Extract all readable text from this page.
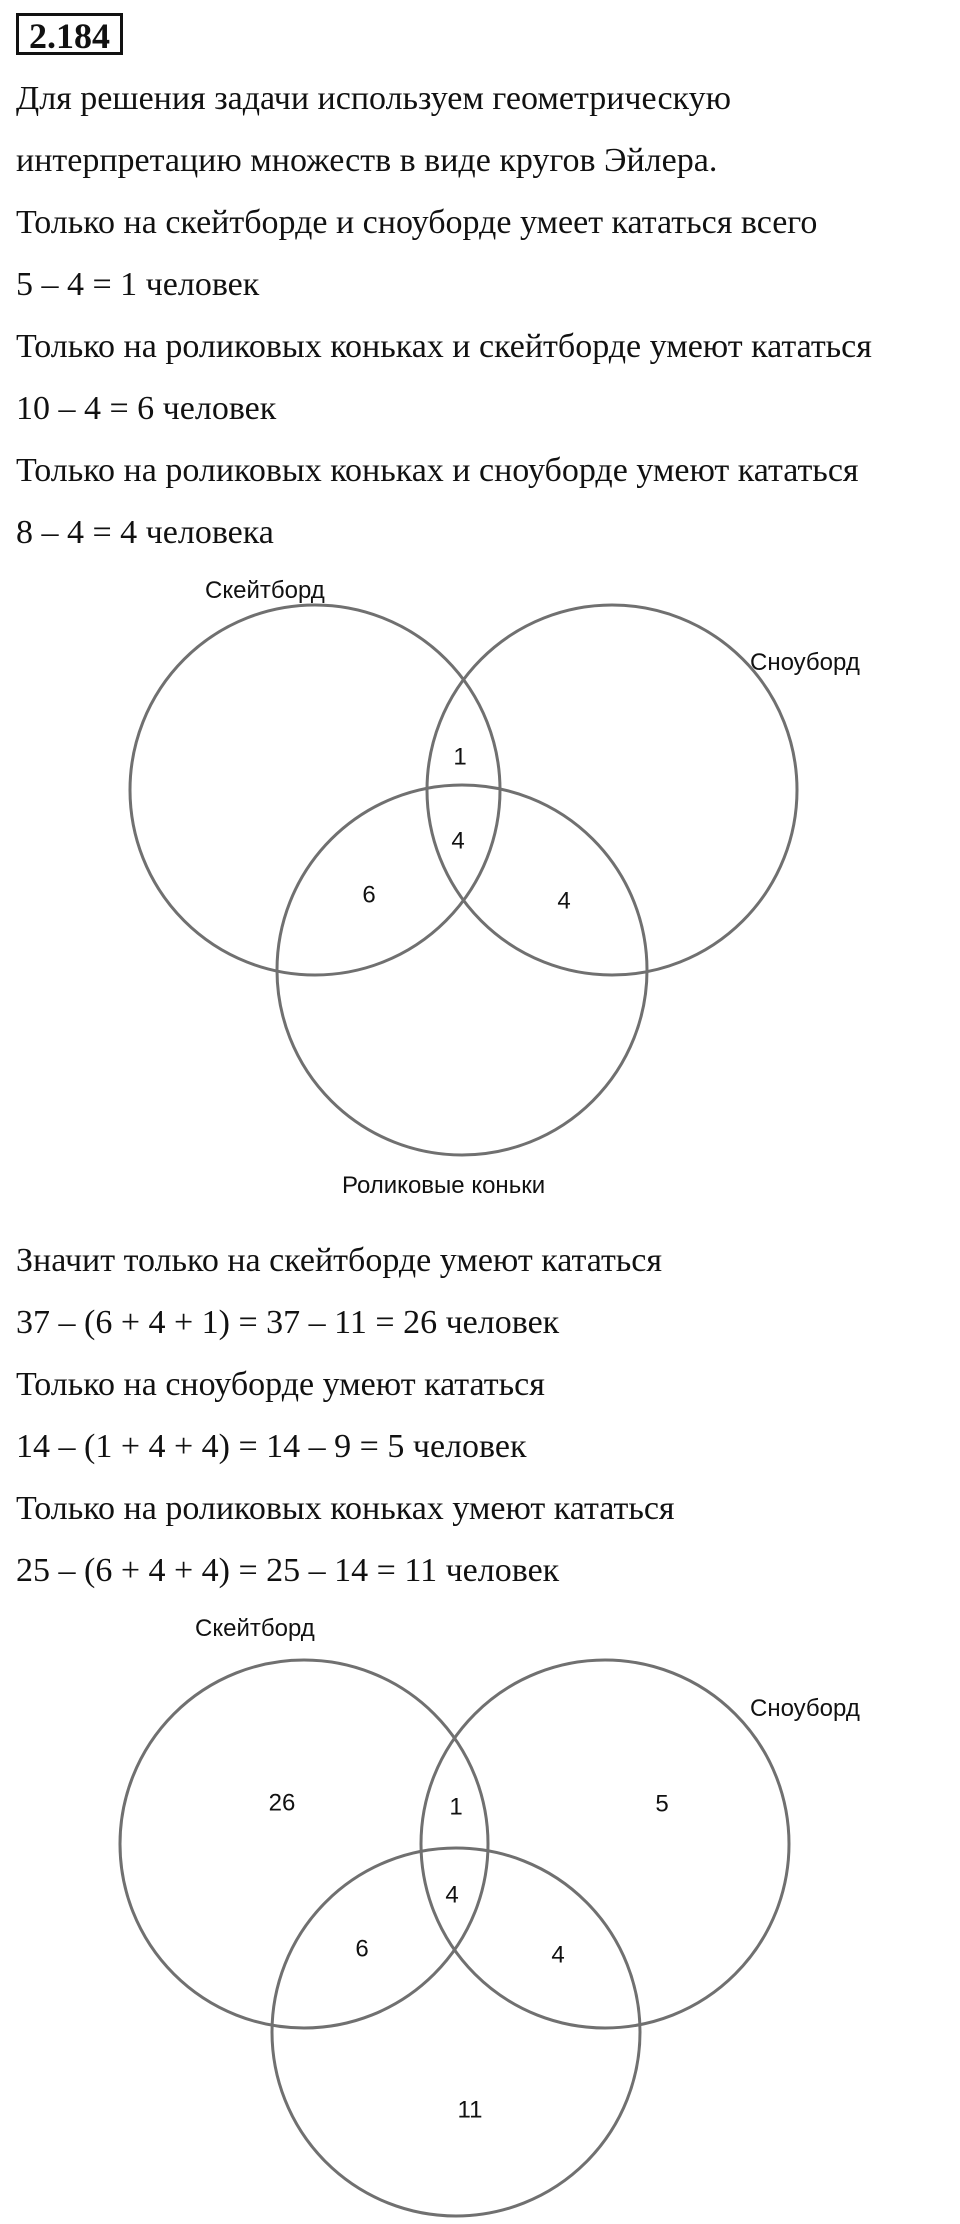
2.184
Для решения задачи используем геометрическую
интерпретацию множеств в виде кругов Эйлера.
Только на скейтборде и сноуборде умеет кататься всего
5 – 4 = 1 человек
Только на роликовых коньках и скейтборде умеют кататься
10 – 4 = 6 человек
Только на роликовых коньках и сноуборде умеют кататься
8 – 4 = 4 человека
Скейтборд
Сноуборд
Роликовые коньки
1
4
6	4
Значит только на скейтборде умеют кататься
37 – (6 + 4 + 1) = 37 – 11 = 26 человек
Только на сноуборде умеют кататься
14 – (1 + 4 + 4) = 14 – 9 = 5 человек
Только на роликовых коньках умеют кататься
25 – (6 + 4 + 4) = 25 – 14 = 11 человек
Скейтборд
Сноуборд
26	5
1
4
6	4
11
